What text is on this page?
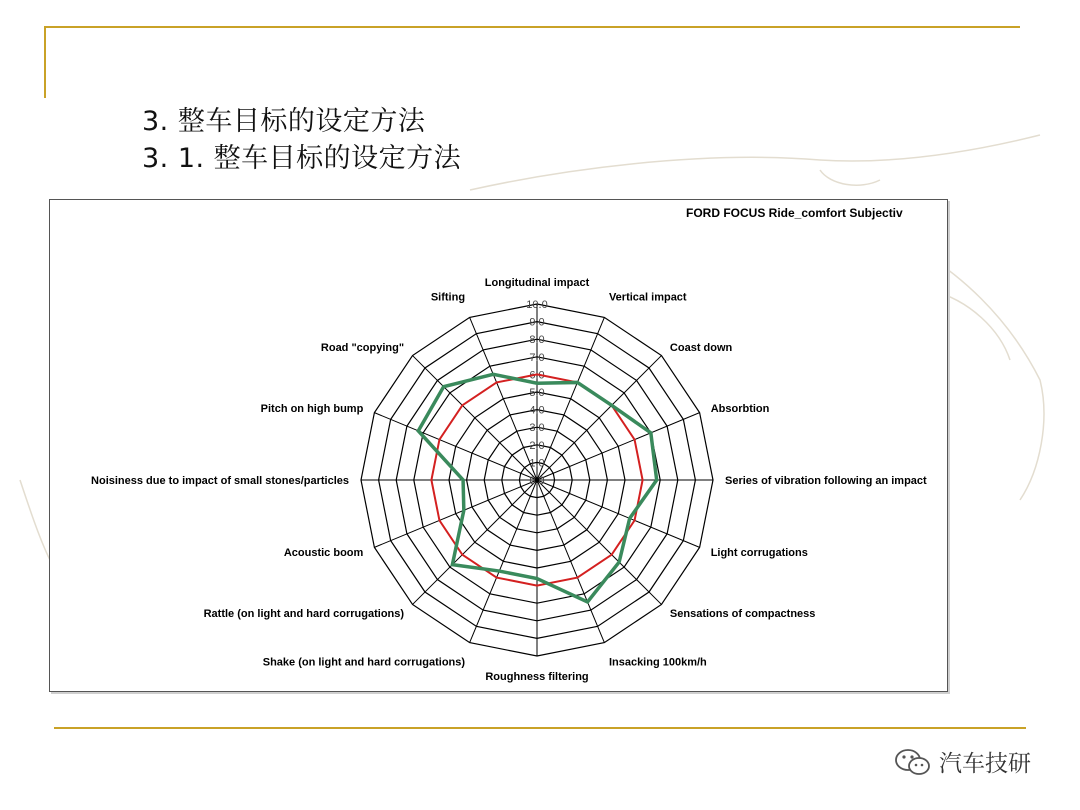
3. 整车目标的设定方法
3. 1. 整车目标的设定方法
0.0
1.0
2.0
3.0
4.0
5.0
6.0
7.0
8.0
9.0
10.0
Longitudinal impact
Vertical impact
Coast down
Absorbtion
Series of vibration following an impact
Light corrugations
Sensations of compactness
Insacking 100km/h
Roughness filtering
Shake (on light and hard corrugations)
Rattle (on light and hard corrugations)
Acoustic boom
Noisiness due to impact of small stones/particles
Pitch on high bump
Road "copying"
Sifting
FORD FOCUS Ride_comfort Subjectiv
汽车技研
